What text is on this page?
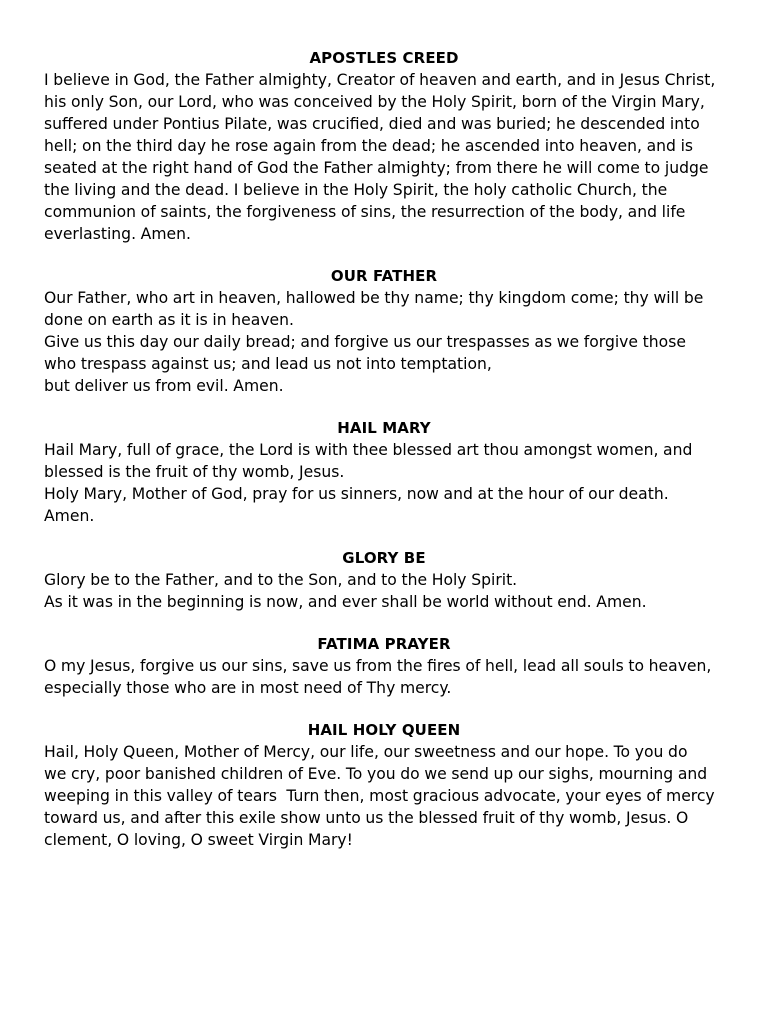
APOSTLES CREED

I believe in God, the Father almighty, Creator of heaven and earth, and in Jesus Christ,
his only Son, our Lord, who was conceived by the Holy Spirit, born of the Virgin Mary,
suffered under Pontius Pilate, was crucified, died and was buried; he descended into
hell; on the third day he rose again from the dead; he ascended into heaven, and is
seated at the right hand of God the Father almighty; from there he will come to judge
the living and the dead. I believe in the Holy Spirit, the holy catholic Church, the
communion of saints, the forgiveness of sins, the resurrection of the body, and life
everlasting. Amen.

OUR FATHER

Our Father, who art in heaven, hallowed be thy name; thy kingdom come; thy will be
done on earth as it is in heaven.

Give us this day our daily bread; and forgive us our trespasses as we forgive those
who trespass against us; and lead us not into temptation,

but deliver us from evil. Amen.

HAIL MARY

Hail Mary, full of grace, the Lord is with thee blessed art thou amongst women, and
blessed is the fruit of thy womb, Jesus.

Holy Mary, Mother of God, pray for us sinners, now and at the hour of our death.
Amen.

GLORY BE

Glory be to the Father, and to the Son, and to the Holy Spirit.

As it was in the beginning is now, and ever shall be world without end. Amen.

FATIMA PRAYER

O my Jesus, forgive us our sins, save us from the fires of hell, lead all souls to heaven,
especially those who are in most need of Thy mercy.

HAIL HOLY QUEEN

Hail, Holy Queen, Mother of Mercy, our life, our sweetness and our hope. To you do
we cry, poor banished children of Eve. To you do we send up our sighs, mourning and
weeping in this valley of tears  Turn then, most gracious advocate, your eyes of mercy
toward us, and after this exile show unto us the blessed fruit of thy womb, Jesus. O
clement, O loving, O sweet Virgin Mary!
